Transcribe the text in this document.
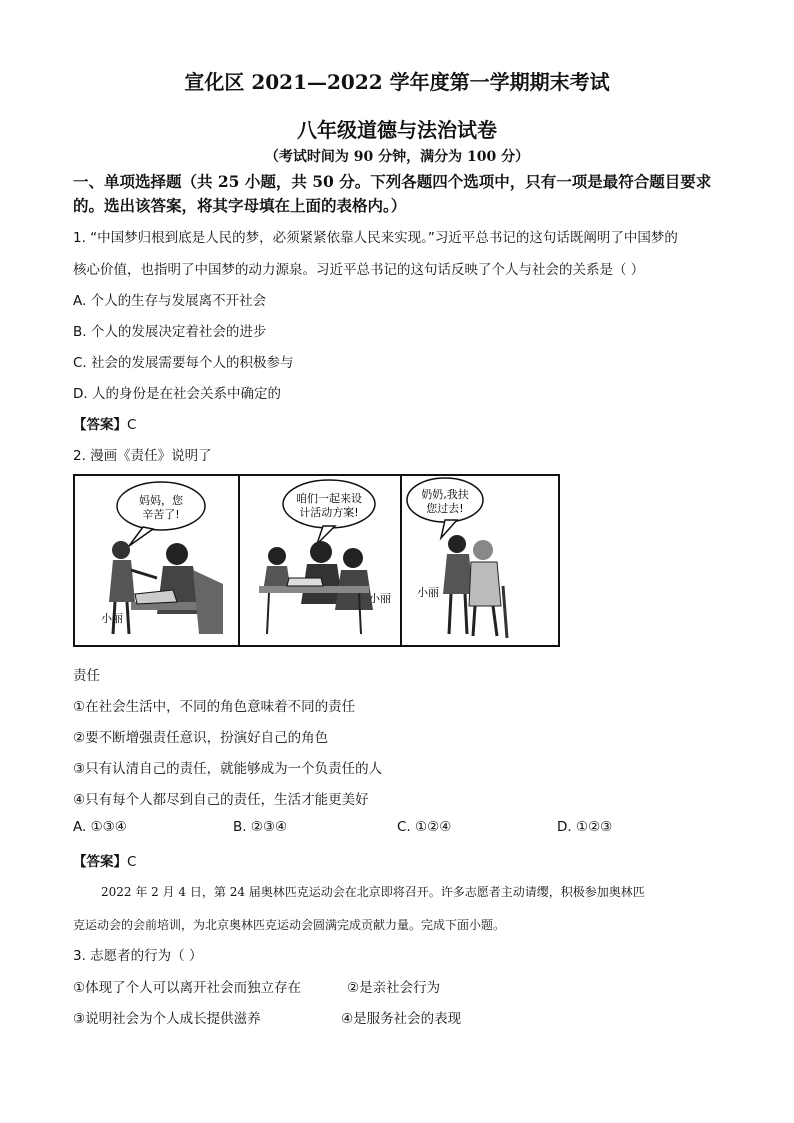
宣化区 2021—2022 学年度第一学期期末考试
八年级道德与法治试卷
（考试时间为 90 分钟，满分为 100 分）
一、单项选择题（共 25 小题，共 50 分。下列各题四个选项中，只有一项是最符合题目要求的。选出该答案，将其字母填在上面的表格内。）
1. “中国梦归根到底是人民的梦，必须紧紧依靠人民来实现。”习近平总书记的这句话既阐明了中国梦的
核心价值，也指明了中国梦的动力源泉。习近平总书记的这句话反映了个人与社会的关系是（ ）
A. 个人的生存与发展离不开社会
B. 个人的发展决定着社会的进步
C. 社会的发展需要每个人的积极参与
D. 人的身份是在社会关系中确定的
【答案】C
2. 漫画《责任》说明了
妈妈，您
辛苦了!
咱们一起来设
计活动方案!
奶奶,我扶
您过去!
小丽
小丽 小丽
责任
①在社会生活中，不同的角色意味着不同的责任
②要不断增强责任意识，扮演好自己的角色
③只有认清自己的责任，就能够成为一个负责任的人
④只有每个人都尽到自己的责任，生活才能更美好
A. ①③④	B. ②③④	C. ①②④	D. ①②③
【答案】C
2022 年 2 月 4 日，第 24 届奥林匹克运动会在北京即将召开。许多志愿者主动请缨，积极参加奥林匹
克运动会的会前培训，为北京奥林匹克运动会圆满完成贡献力量。完成下面小题。
3. 志愿者的行为（ ）
①体现了个人可以离开社会而独立存在	②是亲社会行为
③说明社会为个人成长提供滋养	④是服务社会的表现
